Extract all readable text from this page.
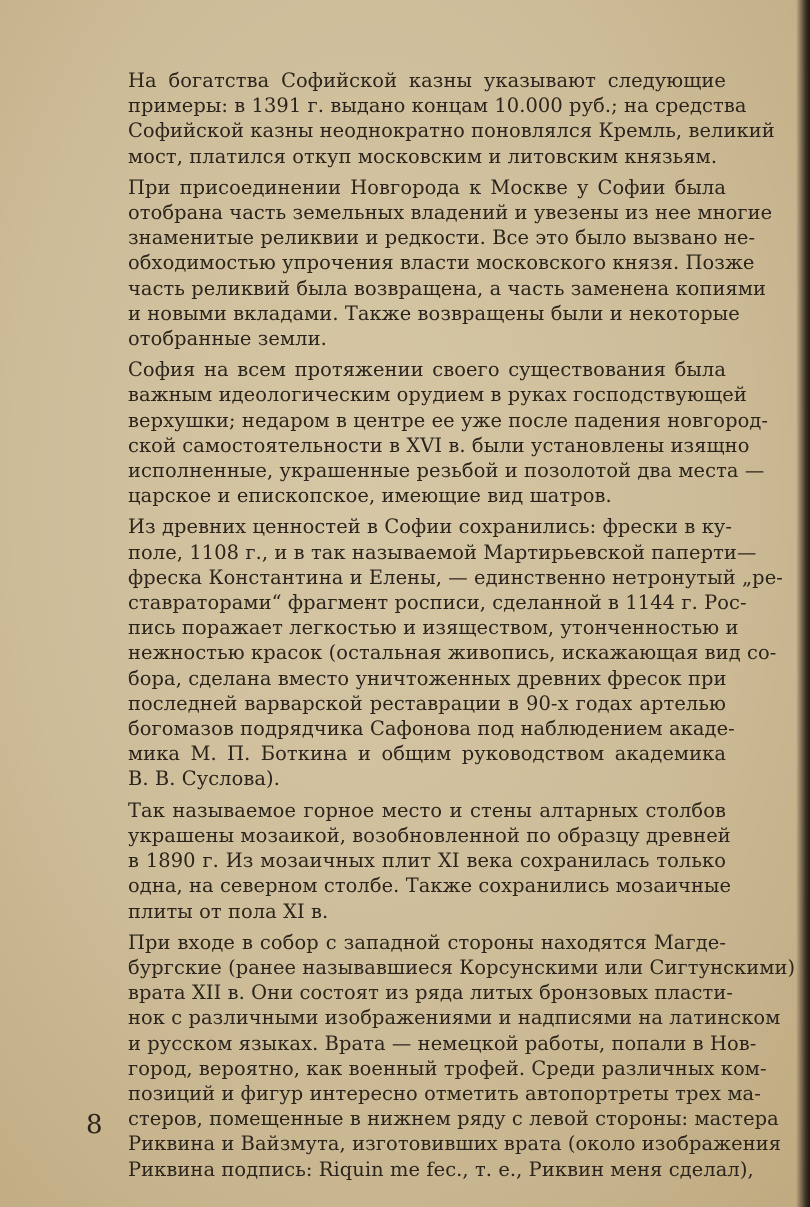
На богатства Софийской казны указывают следующие
примеры: в 1391 г. выдано концам 10.000 руб.; на средства
Софийской казны неоднократно поновлялся Кремль, великий
мост, платился откуп московским и литовским князьям.
При присоединении Новгорода к Москве у Софии была
отобрана часть земельных владений и увезены из нее многие
знаменитые реликвии и редкости. Все это было вызвано не-
обходимостью упрочения власти московского князя. Позже
часть реликвий была возвращена, а часть заменена копиями
и новыми вкладами. Также возвращены были и некоторые
отобранные земли.
София на всем протяжении своего существования была
важным идеологическим орудием в руках господствующей
верхушки; недаром в центре ее уже после падения новгород-
ской самостоятельности в XVI в. были установлены изящно
исполненные, украшенные резьбой и позолотой два места —
царское и епископское, имеющие вид шатров.
Из древних ценностей в Софии сохранились: фрески в ку-
поле, 1108 г., и в так называемой Мартирьевской паперти—
фреска Константина и Елены, — единственно нетронутый „ре-
ставраторами“ фрагмент росписи, сделанной в 1144 г. Рос-
пись поражает легкостью и изяществом, утонченностью и
нежностью красок (остальная живопись, искажающая вид со-
бора, сделана вместо уничтоженных древних фресок при
последней варварской реставрации в 90-х годах артелью
богомазов подрядчика Сафонова под наблюдением акаде-
мика М. П. Боткина и общим руководством академика
В. В. Суслова).
Так называемое горное место и стены алтарных столбов
украшены мозаикой, возобновленной по образцу древней
в 1890 г. Из мозаичных плит XI века сохранилась только
одна, на северном столбе. Также сохранились мозаичные
плиты от пола XI в.
При входе в собор с западной стороны находятся Магде-
бургские (ранее называвшиеся Корсунскими или Сигтунскими)
врата XII в. Они состоят из ряда литых бронзовых пласти-
нок с различными изображениями и надписями на латинском
и русском языках. Врата — немецкой работы, попали в Нов-
город, вероятно, как военный трофей. Среди различных ком-
позиций и фигур интересно отметить автопортреты трех ма-
стеров, помещенные в нижнем ряду с левой стороны: мастера
Риквина и Вайзмута, изготовивших врата (около изображения
Риквина подпись: Riquin me fec., т. е., Риквин меня сделал),
8
